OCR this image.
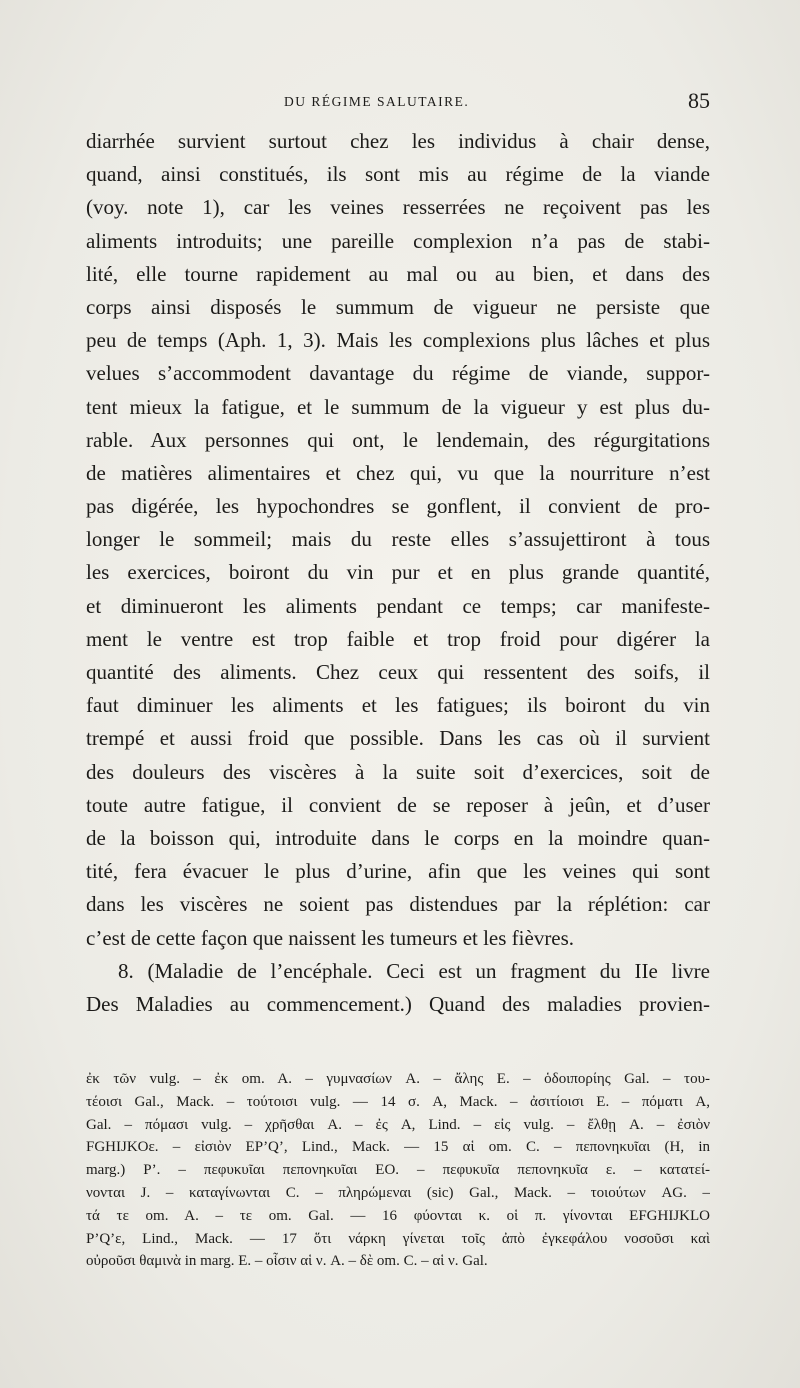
DU RÉGIME SALUTAIRE.	85
diarrhée survient surtout chez les individus à chair dense,
quand, ainsi constitués, ils sont mis au régime de la viande
(voy. note 1), car les veines resserrées ne reçoivent pas les
aliments introduits; une pareille complexion n’a pas de stabi-
lité, elle tourne rapidement au mal ou au bien, et dans des
corps ainsi disposés le summum de vigueur ne persiste que
peu de temps (Aph. 1, 3). Mais les complexions plus lâches et plus
velues s’accommodent davantage du régime de viande, suppor-
tent mieux la fatigue, et le summum de la vigueur y est plus du-
rable. Aux personnes qui ont, le lendemain, des régurgitations
de matières alimentaires et chez qui, vu que la nourriture n’est
pas digérée, les hypochondres se gonflent, il convient de pro-
longer le sommeil; mais du reste elles s’assujettiront à tous
les exercices, boiront du vin pur et en plus grande quantité,
et diminueront les aliments pendant ce temps; car manifeste-
ment le ventre est trop faible et trop froid pour digérer la
quantité des aliments. Chez ceux qui ressentent des soifs, il
faut diminuer les aliments et les fatigues; ils boiront du vin
trempé et aussi froid que possible. Dans les cas où il survient
des douleurs des viscères à la suite soit d’exercices, soit de
toute autre fatigue, il convient de se reposer à jeûn, et d’user
de la boisson qui, introduite dans le corps en la moindre quan-
tité, fera évacuer le plus d’urine, afin que les veines qui sont
dans les viscères ne soient pas distendues par la réplétion: car
c’est de cette façon que naissent les tumeurs et les fièvres.
8. (Maladie de l’encéphale. Ceci est un fragment du IIe livre
Des Maladies au commencement.) Quand des maladies provien-
ἐκ τῶν vulg. – ἐκ om. A. – γυμνασίων A. – ἄλης E. – ὁδοιπορίης Gal. – του-
τέοισι Gal., Mack. – τούτοισι vulg. — 14 σ. A, Mack. – ἀσιτίοισι E. – πόματι A,
Gal. – πόμασι vulg. – χρῆσθαι A. – ἐς A, Lind. – εἰς vulg. – ἔλθῃ A. – ἐσιὸν
FGHIJKOε. – εἰσιὸν EP’Q’, Lind., Mack. — 15 αἱ om. C. – πεπονηκυῖαι (H, in
marg.) P’. – πεφυκυῖαι πεπονηκυῖαι EO. – πεφυκυῖα πεπονηκυῖα ε. – κατατεί-
νονται J. – καταγίνωνται C. – πληρώμεναι (sic) Gal., Mack. – τοιούτων AG. –
τά τε om. A. – τε om. Gal. — 16 φύονται κ. οἱ π. γίνονται EFGHIJKLO
P’Q’ε, Lind., Mack. — 17 ὅτι νάρκη γίνεται τοῖς ἀπὸ ἐγκεφάλου νοσοῦσι καὶ
οὐροῦσι θαμινὰ in marg. E. – οἷσιν αἱ ν. A. – δὲ om. C. – αἱ ν. Gal.
